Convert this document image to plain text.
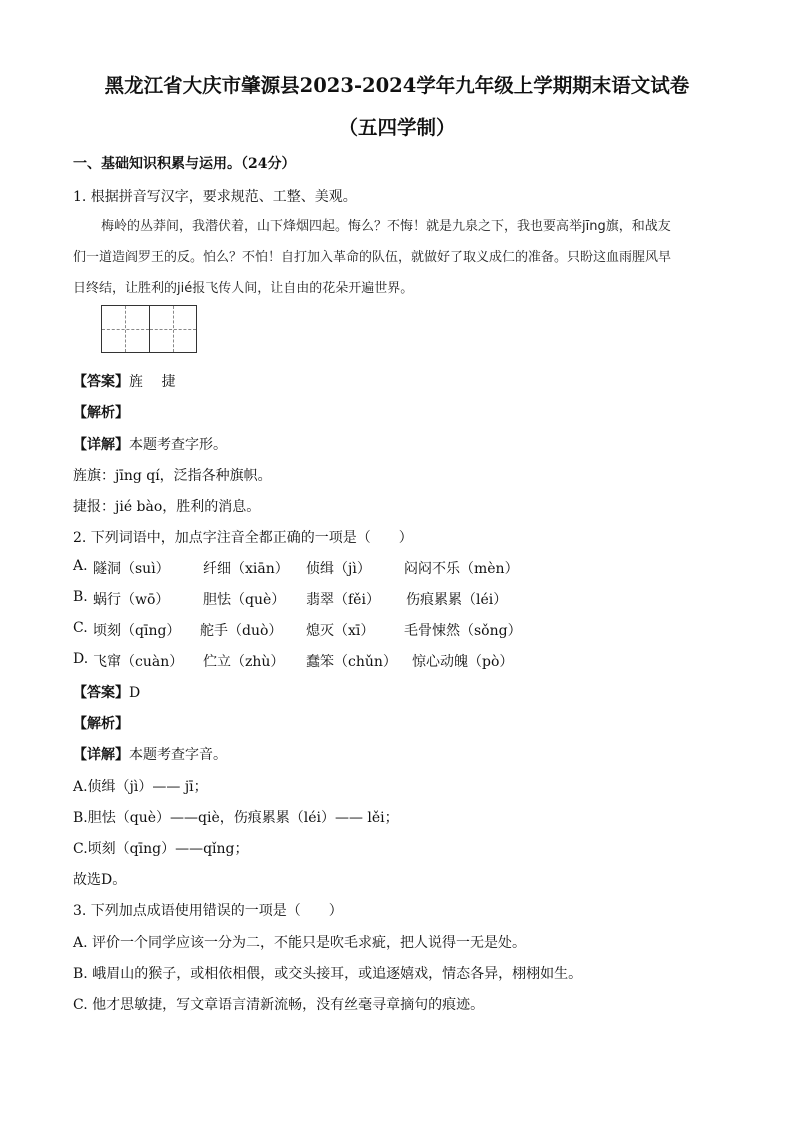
黑龙江省大庆市肇源县2023-2024学年九年级上学期期末语文试卷
（五四学制）
一、基础知识积累与运用。（24分）
1. 根据拼音写汉字，要求规范、工整、美观。
梅岭的丛莽间，我潜伏着，山下烽烟四起。悔么？不悔！就是九泉之下，我也要高举jīng旗，和战友
们一道造阎罗王的反。怕么？不怕！自打加入革命的队伍，就做好了取义成仁的准备。只盼这血雨腥风早
日终结，让胜利的jié报飞传人间，让自由的花朵开遍世界。
【答案】旌　 捷
【解析】
【详解】本题考查字形。
旌旗：jīng qí，泛指各种旗帜。
捷报：jié bào，胜利的消息。
2. 下列词语中，加点字注音全都正确的一项是（　　）
A. 隧洞（suì） 纤细（xiān） 侦缉（jì） 闷闷不乐（mèn）
B. 蜗行（wō） 胆怯（què） 翡翠（fěi） 伤痕累累（léi）
C. 顷刻（qīng） 舵手（duò） 熄灭（xī） 毛骨悚然（sǒng）
D. 飞窜（cuàn） 伫立（zhù） 蠢笨（chǔn） 惊心动魄（pò）
【答案】D
【解析】
【详解】本题考查字音。
A.侦缉（jì）—— jī；
B.胆怯（què）——qiè，伤痕累累（léi）—— lěi；
C.顷刻（qīng）——qǐng；
故选D。
3. 下列加点成语使用错误的一项是（　　）
A. 评价一个同学应该一分为二，不能只是吹毛求疵，把人说得一无是处。
B. 峨眉山的猴子，或相依相偎，或交头接耳，或追逐嬉戏，情态各异，栩栩如生。
C. 他才思敏捷，写文章语言清新流畅，没有丝毫寻章摘句的痕迹。
